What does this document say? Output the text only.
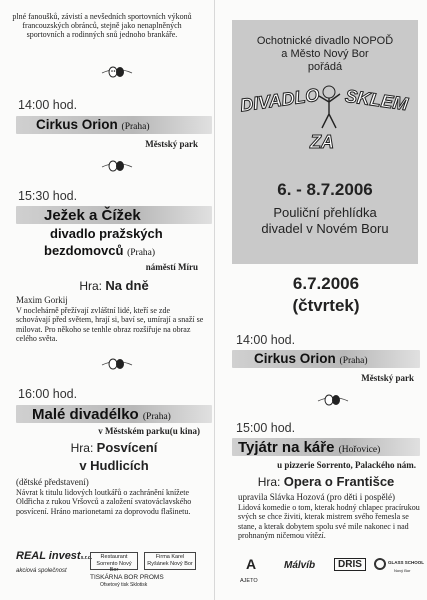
plné fanoušků, závistí a nevšedních sportovních výkonů francouzských obránců, stejně jako nenaplněných sportovních a rodinných snů jednoho brankáře.
14:00 hod.
Cirkus Orion (Praha)
Městský park
15:30 hod.
Ježek a Čížek
divadlo pražských
bezdomovců (Praha)
náměstí Míru
Hra: Na dně
Maxim Gorkij
V noclehárně přežívají zvláštní lidé, kteří se zde schovávají před světem, hrají si, baví se, umírají a snaží se milovat. Pro někoho se tenhle obraz rozšiřuje na obraz celého světa.
16:00 hod.
Malé divadélko (Praha)
v Městském parku(u kina)
Hra: Posvícení
v Hudlicích
(dětské představení)
Návrat k titulu lidových loutkářů o zachránění knížete Oldřicha z rukou Vršovců a založení svatováclavského posvícení. Hráno marionetami za doprovodu flašinetu.
REAL invests.r.o.
akciová společnost
Restaurant Sorrento Nový Bor
Firma Karel Ryšánek Nový Bor
TISKÁRNA BOR PROMS
Ofsetový tisk Sklotisk
Ochotnické divadlo NOPOĎ
a Město Nový Bor
pořádá
DIVADLO SKLEM
ZA
6. - 8.7.2006
Pouliční přehlídka
divadel v Novém Boru
6.7.2006
(čtvrtek)
14:00 hod.
Cirkus Orion (Praha)
Městský park
15:00 hod.
Tyjátr na káře (Hořovice)
u pizzerie Sorrento, Palackého nám.
Hra: Opera o Františce
upravila Slávka Hozová (pro děti i pospělé)
Lidová komedie o tom, kterak hodný chlapec pracírukou svých se chce živiti, kterak mistrem svého řemesla se stane, a kterak dobytem spolu své mile nakonec i nad prohnaným ničemou vítězí.
A
AJETO
Málvíb	DRIS	GLASS SCHOOL
Nový Bor
